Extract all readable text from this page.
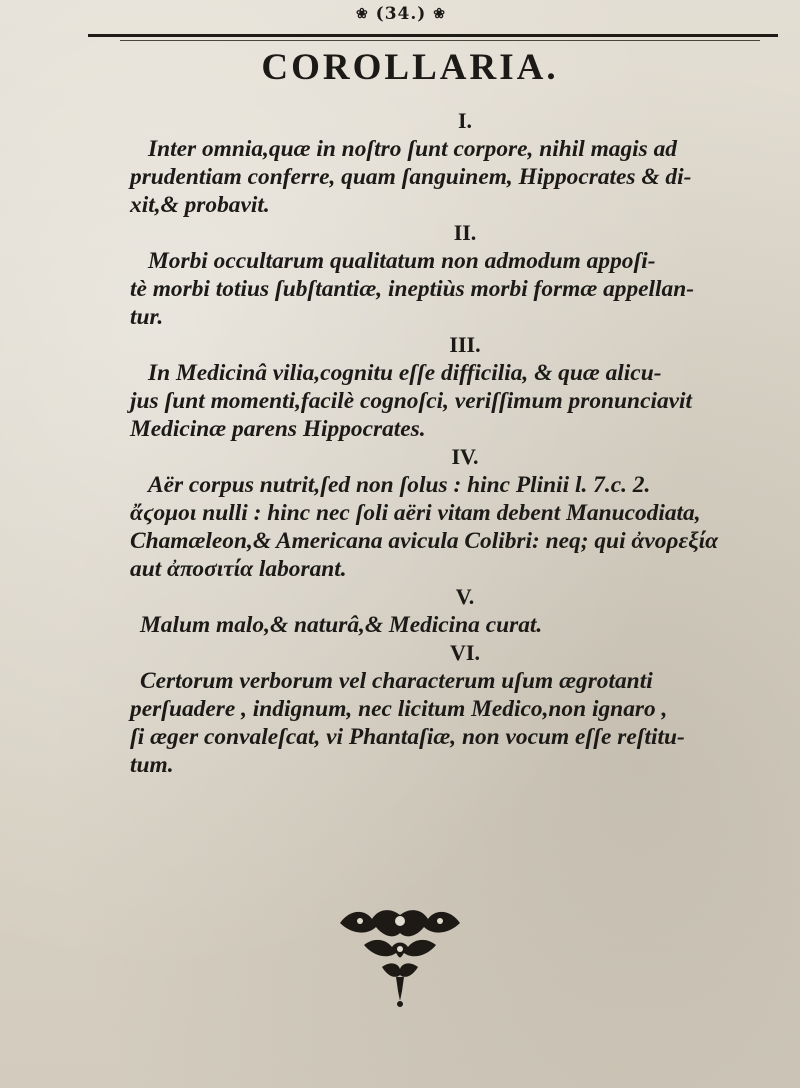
❀ (34.) ❀
COROLLARIA.
I.

Inter omnia,quæ in noſtro ſunt corpore, nihil magis ad

prudentiam conferre, quam ſanguinem, Hippocrates & di-

xit,& probavit.

II.

Morbi occultarum qualitatum non admodum appoſi-

tè morbi totius ſubſtantiæ, ineptiùs morbi formæ appellan-

tur.

III.

In Medicinâ vilia,cognitu eſſe difficilia, & quæ alicu-

jus ſunt momenti,facilè cognoſci, veriſſimum pronunciavit

Medicinæ parens Hippocrates.

IV.

Aër corpus nutrit,ſed non ſolus : hinc Plinii l. 7.c. 2.

ἄϛομοι nulli : hinc nec ſoli aëri vitam debent Manucodiata,

Chamæleon,& Americana avicula Colibri: neq; qui ἀνορεξία

aut ἀποσιτία laborant.

V.

Malum malo,& naturâ,& Medicina curat.

VI.

Certorum verborum vel characterum uſum ægrotanti

perſuadere , indignum, nec licitum Medico,non ignaro ,

ſi æger convaleſcat, vi Phantaſiæ, non vocum eſſe reſtitu-

tum.
